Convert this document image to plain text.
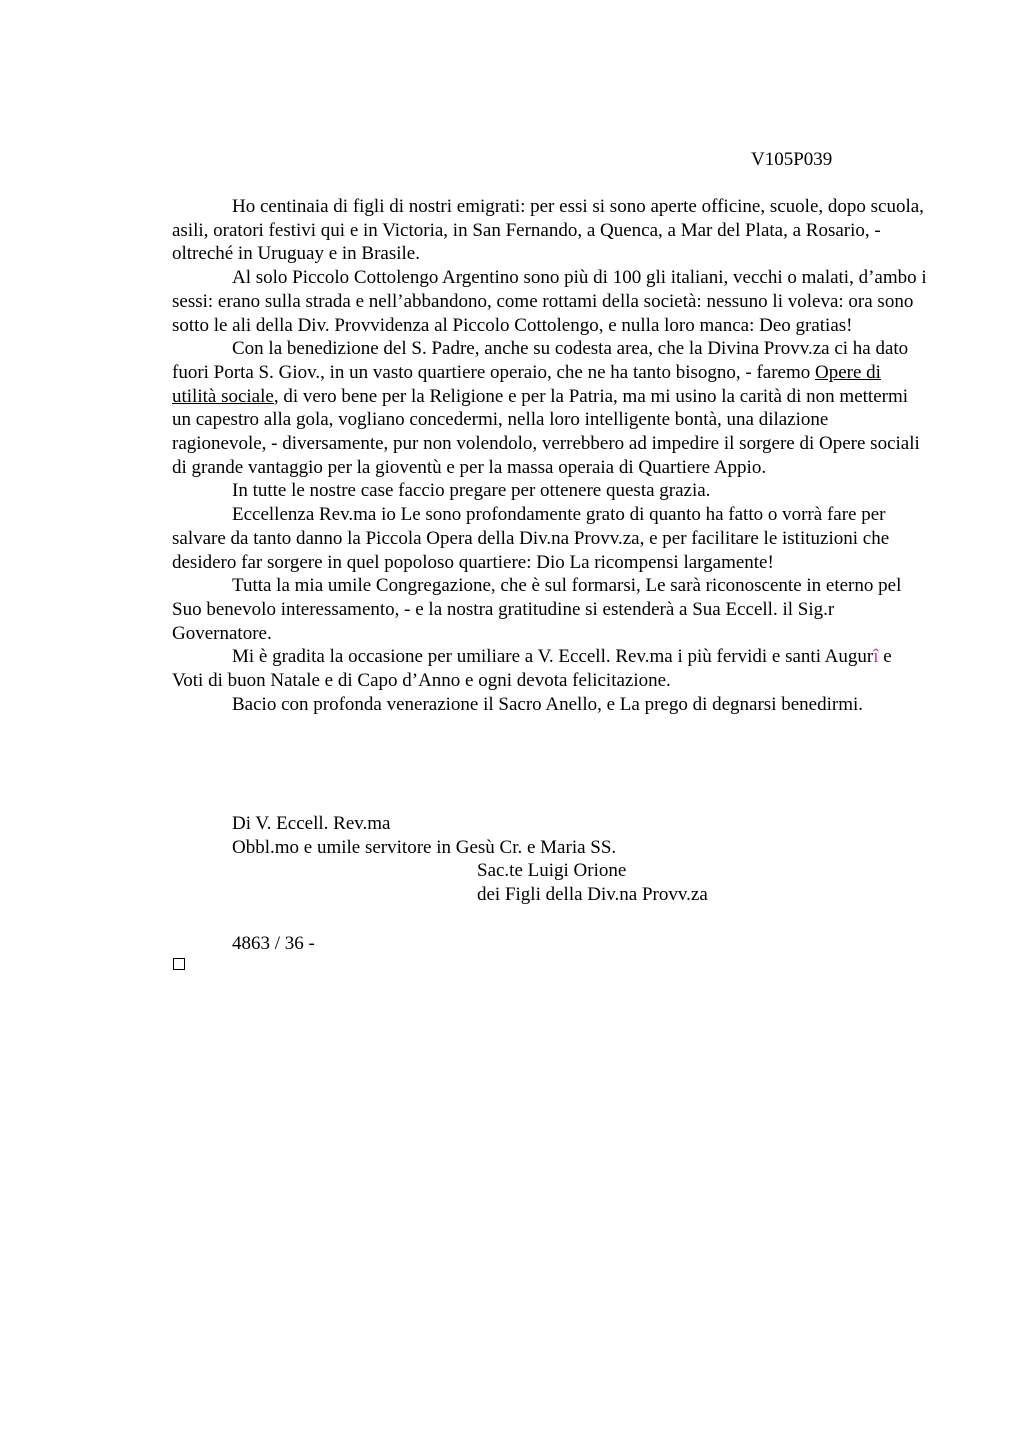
V105P039

Ho centinaia di figli di nostri emigrati: per essi si sono aperte officine, scuole, dopo scuola, asili, oratori festivi qui e in Victoria, in San Fernando, a Quenca, a Mar del Plata, a Rosario, - oltreché in Uruguay e in Brasile.

Al solo Piccolo Cottolengo Argentino sono più di 100 gli italiani, vecchi o malati, d’ambo i sessi: erano sulla strada e nell’abbandono, come rottami della società: nessuno li voleva: ora sono sotto le ali della Div. Provvidenza al Piccolo Cottolengo, e nulla loro manca: Deo gratias!

Con la benedizione del S. Padre, anche su codesta area, che la Divina Provv.za ci ha dato fuori Porta S. Giov., in un vasto quartiere operaio, che ne ha tanto bisogno, - faremo Opere di utilità sociale, di vero bene per la Religione e per la Patria, ma mi usino la carità di non mettermi un capestro alla gola, vogliano concedermi, nella loro intelligente bontà, una dilazione ragionevole, - diversamente, pur non volendolo, verrebbero ad impedire il sorgere di Opere sociali di grande vantaggio per la gioventù e per la massa operaia di Quartiere Appio.

In tutte le nostre case faccio pregare per ottenere questa grazia.

Eccellenza Rev.ma io Le sono profondamente grato di quanto ha fatto o vorrà fare per salvare da tanto danno la Piccola Opera della Div.na Provv.za, e per facilitare le istituzioni che desidero far sorgere in quel popoloso quartiere: Dio La ricompensi largamente!

Tutta la mia umile Congregazione, che è sul formarsi, Le sarà riconoscente in eterno pel Suo benevolo interessamento, - e la nostra gratitudine si estenderà a Sua Eccell. il Sig.r Governatore.

Mi è gradita la occasione per umiliare a V. Eccell. Rev.ma i più fervidi e santi Augurî e Voti di buon Natale e di Capo d’Anno e ogni devota felicitazione.

Bacio con profonda venerazione il Sacro Anello, e La prego di degnarsi benedirmi.

Di V. Eccell. Rev.ma
Obbl.mo e umile servitore in Gesù Cr. e Maria SS.
Sac.te Luigi Orione
dei Figli della Div.na Provv.za
4863 / 36 -
